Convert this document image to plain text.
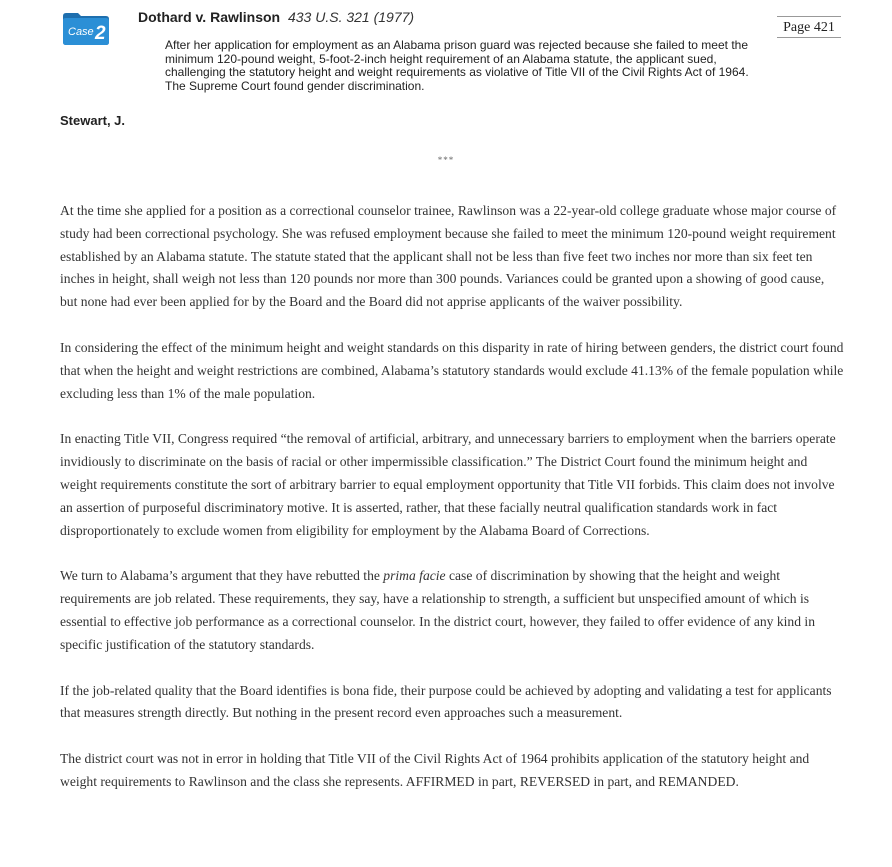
Case 2
Dothard v. Rawlinson 433 U.S. 321 (1977)
Page 421
After her application for employment as an Alabama prison guard was rejected because she failed to meet the minimum 120-pound weight, 5-foot-2-inch height requirement of an Alabama statute, the applicant sued, challenging the statutory height and weight requirements as violative of Title VII of the Civil Rights Act of 1964. The Supreme Court found gender discrimination.
Stewart, J.
***

At the time she applied for a position as a correctional counselor trainee, Rawlinson was a 22-year-old college graduate whose major course of study had been correctional psychology. She was refused employment because she failed to meet the minimum 120-pound weight requirement established by an Alabama statute. The statute stated that the applicant shall not be less than five feet two inches nor more than six feet ten inches in height, shall weigh not less than 120 pounds nor more than 300 pounds. Variances could be granted upon a showing of good cause, but none had ever been applied for by the Board and the Board did not apprise applicants of the waiver possibility.

In considering the effect of the minimum height and weight standards on this disparity in rate of hiring between genders, the district court found that when the height and weight restrictions are combined, Alabama’s statutory standards would exclude 41.13% of the female population while excluding less than 1% of the male population.

In enacting Title VII, Congress required “the removal of artificial, arbitrary, and unnecessary barriers to employment when the barriers operate invidiously to discriminate on the basis of racial or other impermissible classification.” The District Court found the minimum height and weight requirements constitute the sort of arbitrary barrier to equal employment opportunity that Title VII forbids. This claim does not involve an assertion of purposeful discriminatory motive. It is asserted, rather, that these facially neutral qualification standards work in fact disproportionately to exclude women from eligibility for employment by the Alabama Board of Corrections.

We turn to Alabama’s argument that they have rebutted the prima facie case of discrimination by showing that the height and weight requirements are job related. These requirements, they say, have a relationship to strength, a sufficient but unspecified amount of which is essential to effective job performance as a correctional counselor. In the district court, however, they failed to offer evidence of any kind in specific justification of the statutory standards.

If the job-related quality that the Board identifies is bona fide, their purpose could be achieved by adopting and validating a test for applicants that measures strength directly. But nothing in the present record even approaches such a measurement.

The district court was not in error in holding that Title VII of the Civil Rights Act of 1964 prohibits application of the statutory height and weight requirements to Rawlinson and the class she represents. AFFIRMED in part, REVERSED in part, and REMANDED.
